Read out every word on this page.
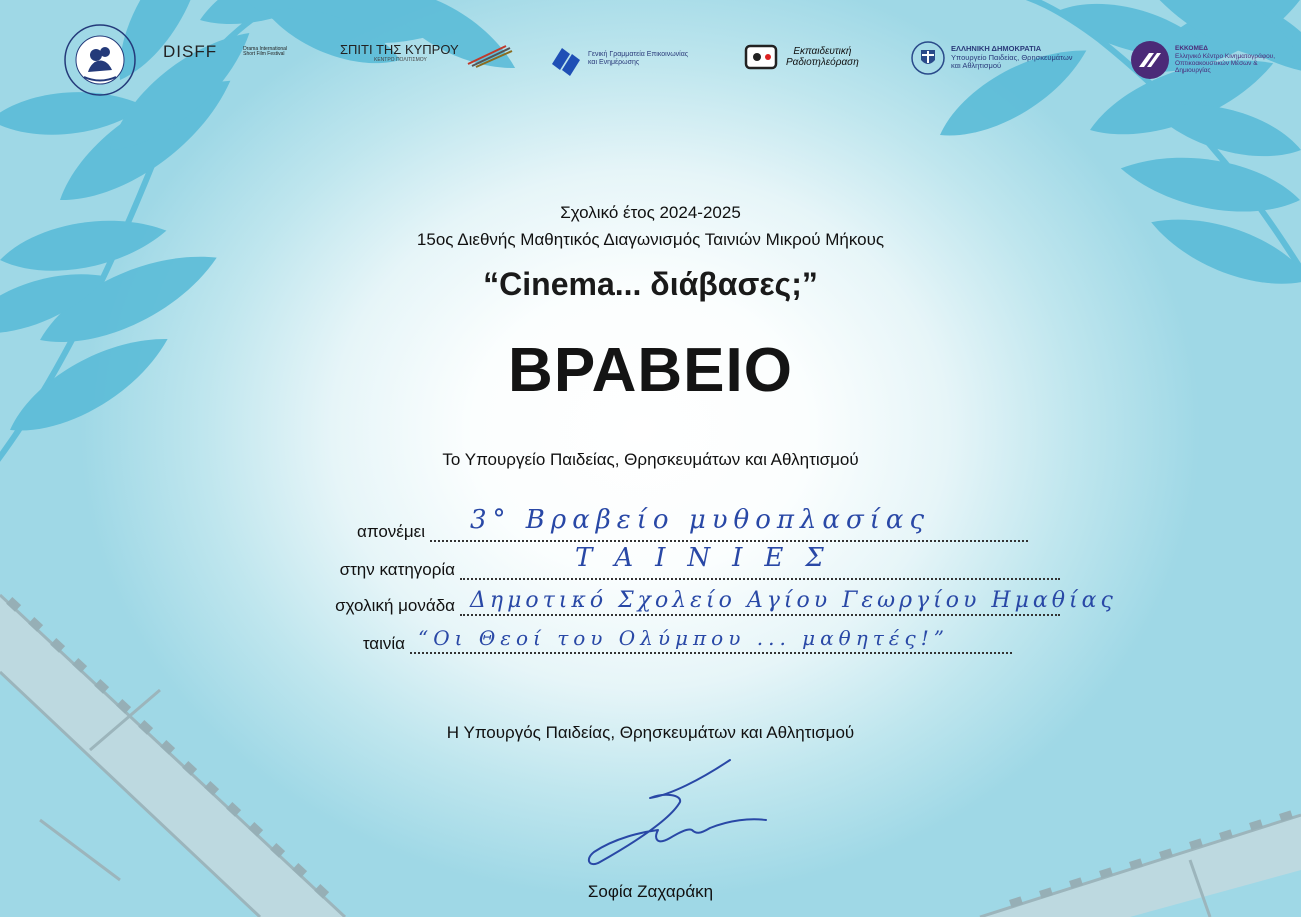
DISFF	Drama International Short Film Festival	ΣΠΙΤΙ ΤΗΣ ΚΥΠΡΟΥ
ΚΕΝΤΡΟ ΠΟΛΙΤΙΣΜΟΥ
Γενική Γραμματεία Επικοινωνίας
και Ενημέρωσης
Εκπαιδευτική
Ραδιοτηλεόραση
ΕΛΛΗΝΙΚΗ ΔΗΜΟΚΡΑΤΙΑ
Υπουργείο Παιδείας, Θρησκευμάτων
και Αθλητισμού
ΕΚΚΟΜΕΔ
Ελληνικό Κέντρο Κινηματογράφου,
Οπτικοακουστικών Μέσων &
Δημιουργίας
Σχολικό έτος 2024-2025
15ος Διεθνής Μαθητικός Διαγωνισμός Ταινιών Μικρού Μήκους
“Cinema... διάβασες;”
ΒΡΑΒΕΙΟ
Το Υπουργείο Παιδείας, Θρησκευμάτων και Αθλητισμού
απονέμει 3° Βραβείο μυθοπλασίας
στην κατηγορία	ΤΑΙΝΙΕΣ
σχολική μονάδα Δημοτικό Σχολείο Αγίου Γεωργίου Ημαθίας
ταινία “Οι Θεοί του Ολύμπου ... μαθητές!”
Η Υπουργός Παιδείας, Θρησκευμάτων και Αθλητισμού
Σοφία Ζαχαράκη
